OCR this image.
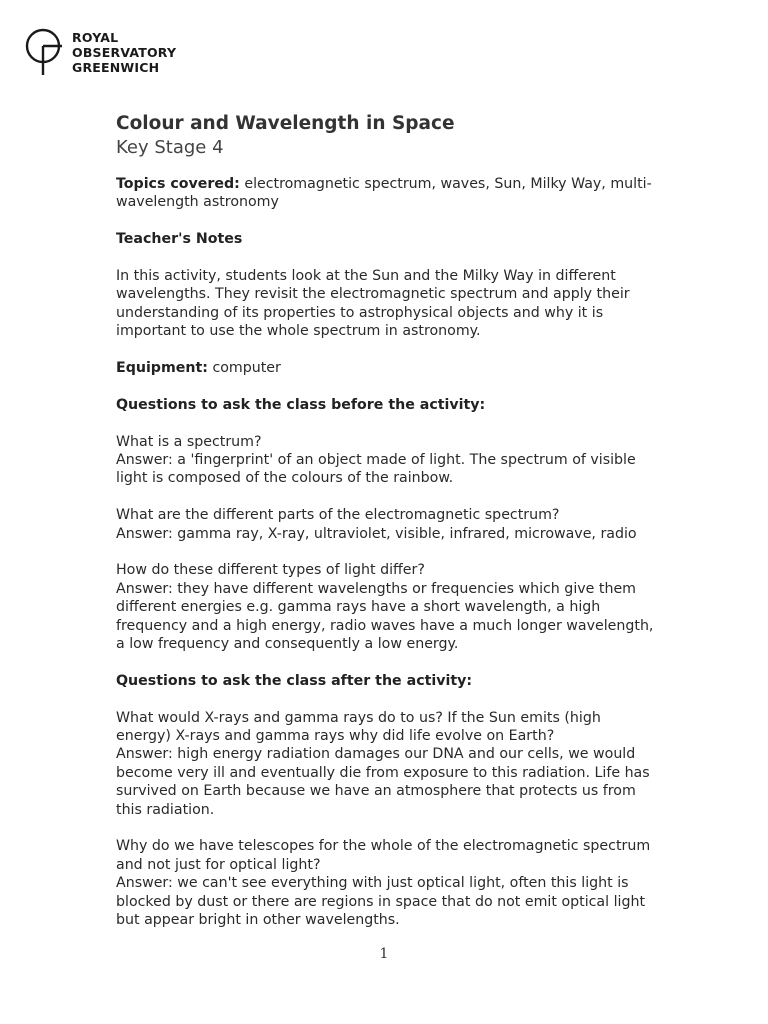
ROYAL
OBSERVATORY
GREENWICH
Colour and Wavelength in Space
Key Stage 4
Topics covered: electromagnetic spectrum, waves, Sun, Milky Way, multi-wavelength astronomy
Teacher's Notes
In this activity, students look at the Sun and the Milky Way in different wavelengths. They revisit the electromagnetic spectrum and apply their understanding of its properties to astrophysical objects and why it is important to use the whole spectrum in astronomy.
Equipment: computer
Questions to ask the class before the activity:
What is a spectrum?
Answer: a 'fingerprint' of an object made of light. The spectrum of visible light is composed of the colours of the rainbow.
What are the different parts of the electromagnetic spectrum?
Answer: gamma ray, X-ray, ultraviolet, visible, infrared, microwave, radio
How do these different types of light differ?
Answer: they have different wavelengths or frequencies which give them different energies e.g. gamma rays have a short wavelength, a high frequency and a high energy, radio waves have a much longer wavelength, a low frequency and consequently a low energy.
Questions to ask the class after the activity:
What would X-rays and gamma rays do to us? If the Sun emits (high energy) X-rays and gamma rays why did life evolve on Earth?
Answer: high energy radiation damages our DNA and our cells, we would become very ill and eventually die from exposure to this radiation. Life has survived on Earth because we have an atmosphere that protects us from this radiation.
Why do we have telescopes for the whole of the electromagnetic spectrum and not just for optical light?
Answer: we can't see everything with just optical light, often this light is blocked by dust or there are regions in space that do not emit optical light but appear bright in other wavelengths.
1
